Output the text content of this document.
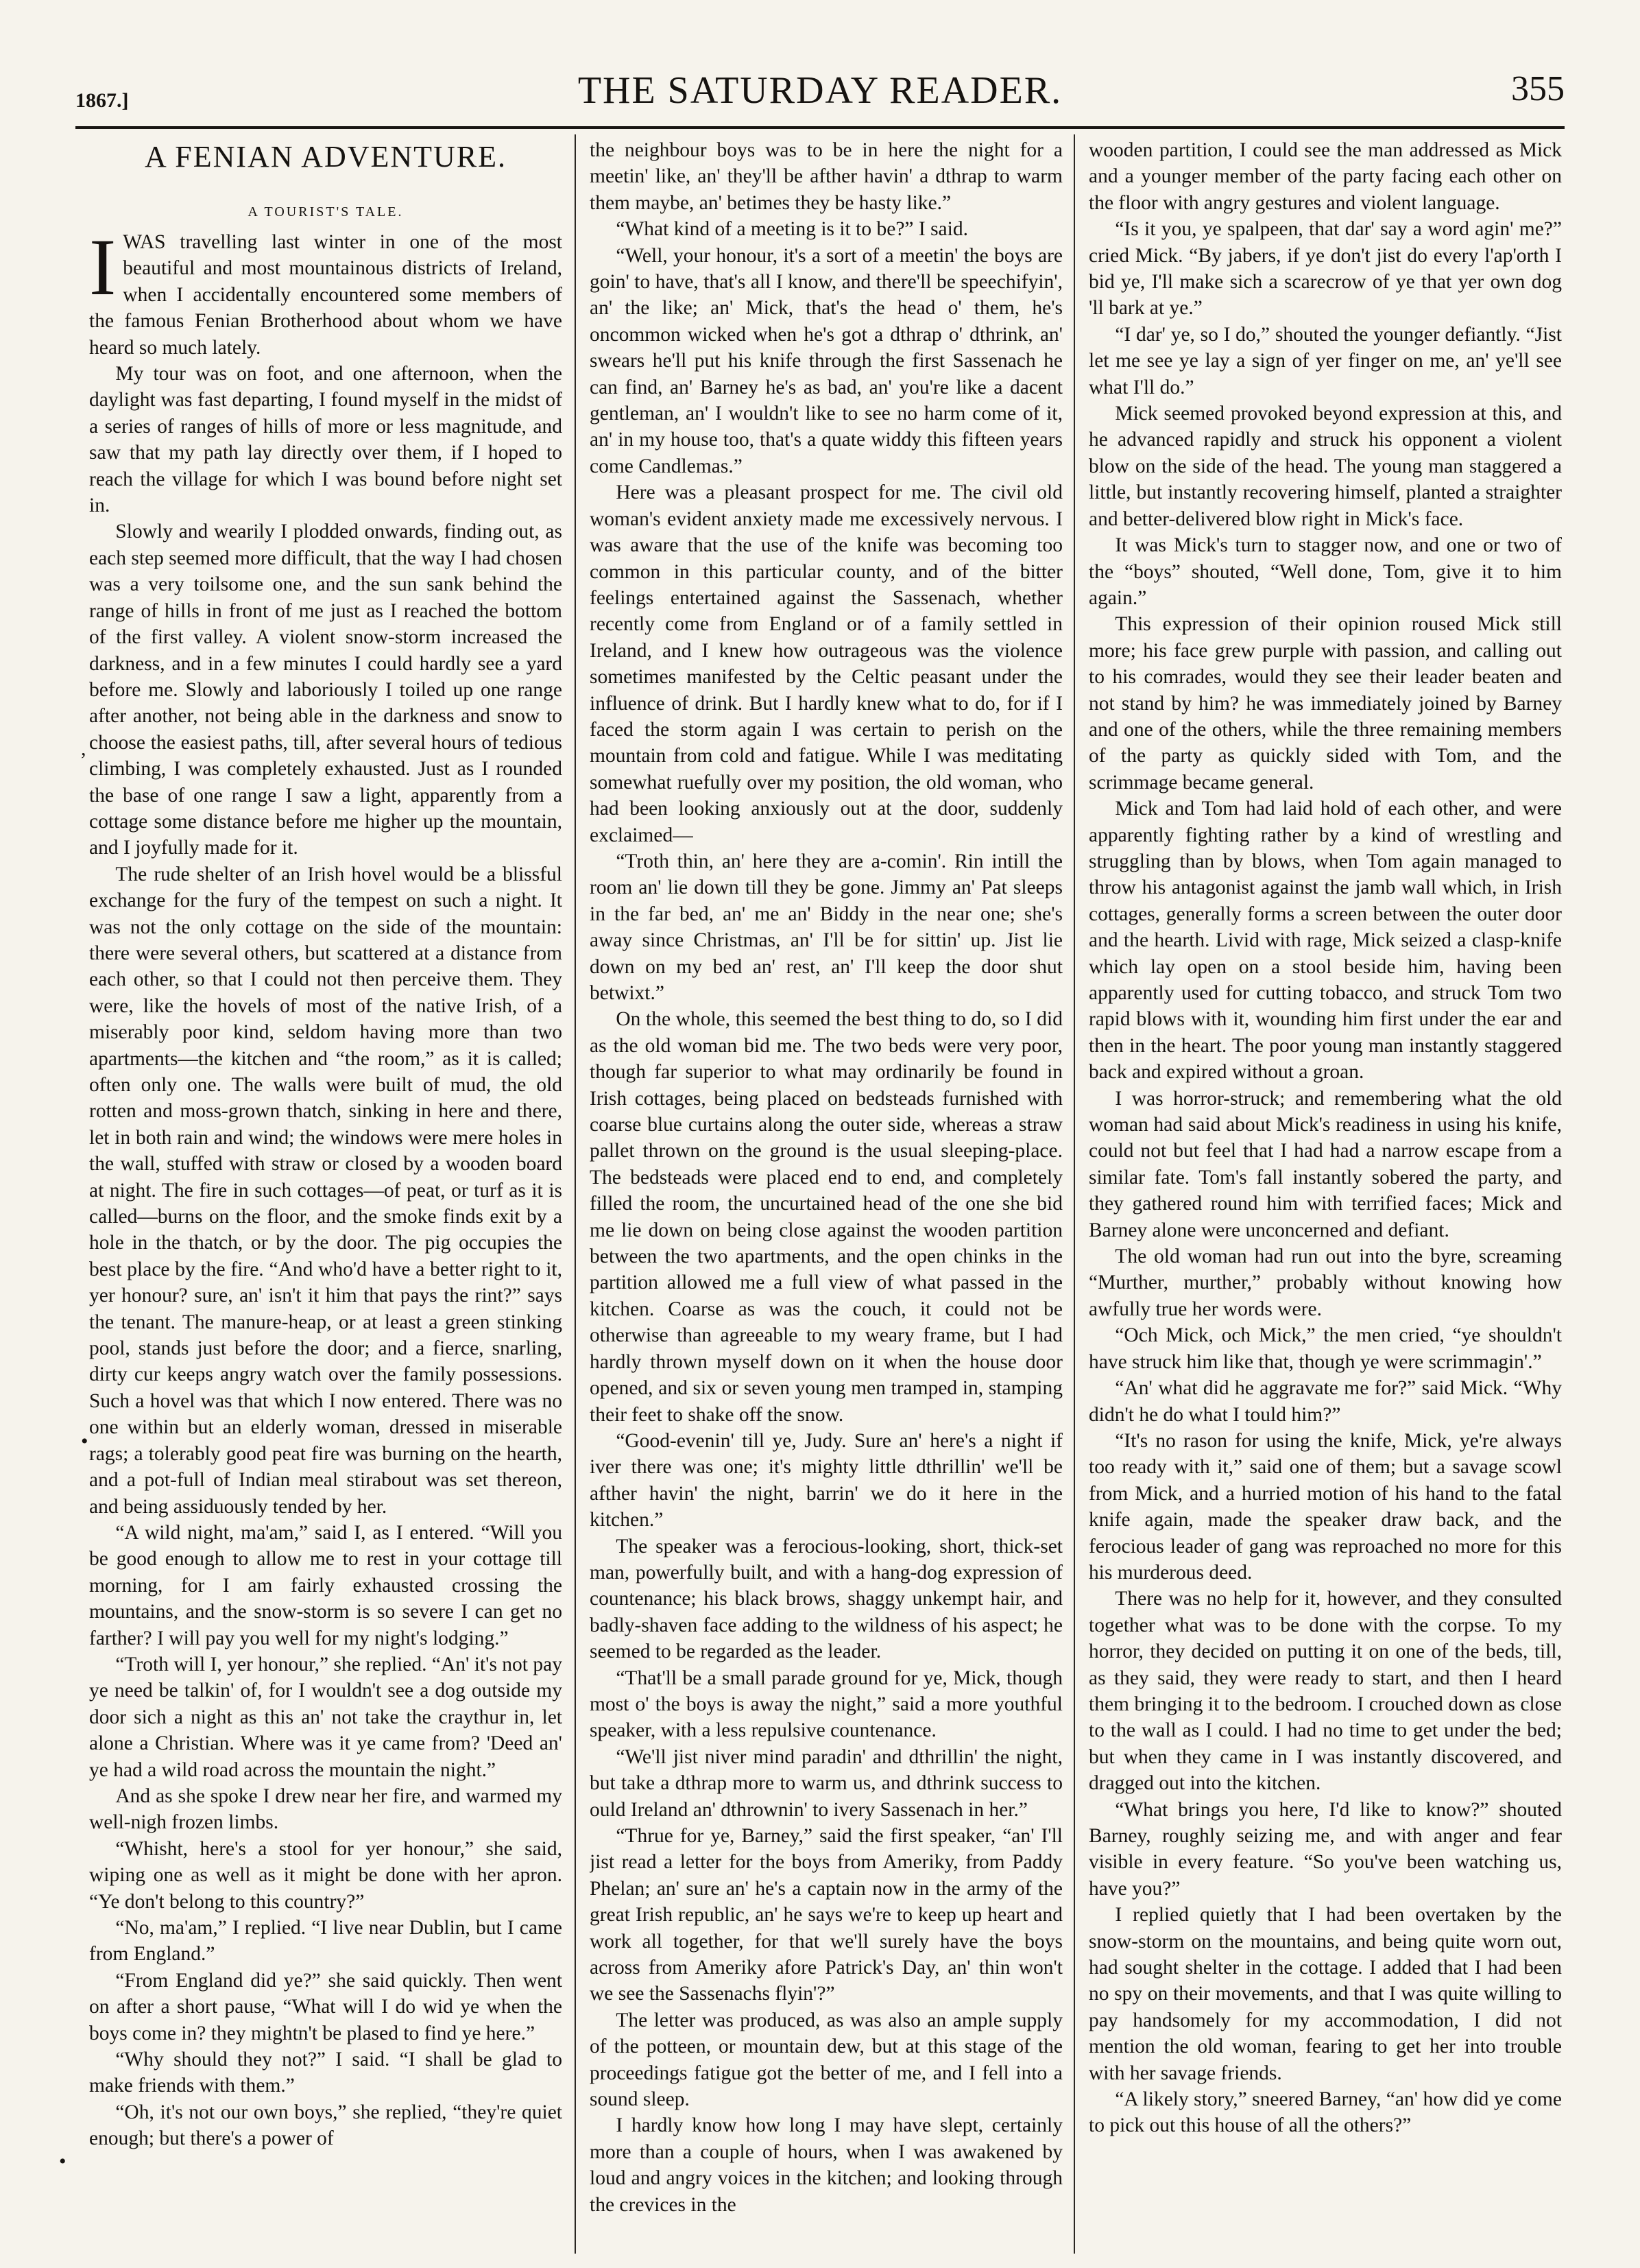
1867.]	THE SATURDAY READER.	355
A FENIAN ADVENTURE.
A TOURIST'S TALE.

IWAS travelling last winter in one of the most beautiful and most mountainous districts of Ireland, when I accidentally encountered some members of the famous Fenian Brotherhood about whom we have heard so much lately.

My tour was on foot, and one afternoon, when the daylight was fast departing, I found myself in the midst of a series of ranges of hills of more or less magnitude, and saw that my path lay directly over them, if I hoped to reach the village for which I was bound before night set in.

Slowly and wearily I plodded onwards, finding out, as each step seemed more difficult, that the way I had chosen was a very toilsome one, and the sun sank behind the range of hills in front of me just as I reached the bottom of the first valley. A violent snow-storm increased the darkness, and in a few minutes I could hardly see a yard before me. Slowly and laboriously I toiled up one range after another, not being able in the darkness and snow to choose the easiest paths, till, after several hours of tedious climbing, I was completely exhausted. Just as I rounded the base of one range I saw a light, apparently from a cottage some distance before me higher up the mountain, and I joyfully made for it.

The rude shelter of an Irish hovel would be a blissful exchange for the fury of the tempest on such a night. It was not the only cottage on the side of the mountain: there were several others, but scattered at a distance from each other, so that I could not then perceive them. They were, like the hovels of most of the native Irish, of a miserably poor kind, seldom having more than two apartments—the kitchen and “the room,” as it is called; often only one. The walls were built of mud, the old rotten and moss-grown thatch, sinking in here and there, let in both rain and wind; the windows were mere holes in the wall, stuffed with straw or closed by a wooden board at night. The fire in such cottages—of peat, or turf as it is called—burns on the floor, and the smoke finds exit by a hole in the thatch, or by the door. The pig occupies the best place by the fire. “And who'd have a better right to it, yer honour? sure, an' isn't it him that pays the rint?” says the tenant. The manure-heap, or at least a green stinking pool, stands just before the door; and a fierce, snarling, dirty cur keeps angry watch over the family possessions. Such a hovel was that which I now entered. There was no one within but an elderly woman, dressed in miserable rags; a tolerably good peat fire was burning on the hearth, and a pot-full of Indian meal stirabout was set thereon, and being assiduously tended by her.

“A wild night, ma'am,” said I, as I entered. “Will you be good enough to allow me to rest in your cottage till morning, for I am fairly exhausted crossing the mountains, and the snow-storm is so severe I can get no farther? I will pay you well for my night's lodging.”

“Troth will I, yer honour,” she replied. “An' it's not pay ye need be talkin' of, for I wouldn't see a dog outside my door sich a night as this an' not take the craythur in, let alone a Christian. Where was it ye came from? 'Deed an' ye had a wild road across the mountain the night.”

And as she spoke I drew near her fire, and warmed my well-nigh frozen limbs.

“Whisht, here's a stool for yer honour,” she said, wiping one as well as it might be done with her apron. “Ye don't belong to this country?”

“No, ma'am,” I replied. “I live near Dublin, but I came from England.”

“From England did ye?” she said quickly. Then went on after a short pause, “What will I do wid ye when the boys come in? they mightn't be plased to find ye here.”

“Why should they not?” I said. “I shall be glad to make friends with them.”

“Oh, it's not our own boys,” she replied, “they're quiet enough; but there's a power of

the neighbour boys was to be in here the night for a meetin' like, an' they'll be afther havin' a dthrap to warm them maybe, an' betimes they be hasty like.”

“What kind of a meeting is it to be?” I said.

“Well, your honour, it's a sort of a meetin' the boys are goin' to have, that's all I know, and there'll be speechifyin', an' the like; an' Mick, that's the head o' them, he's oncommon wicked when he's got a dthrap o' dthrink, an' swears he'll put his knife through the first Sassenach he can find, an' Barney he's as bad, an' you're like a dacent gentleman, an' I wouldn't like to see no harm come of it, an' in my house too, that's a quate widdy this fifteen years come Candlemas.”

Here was a pleasant prospect for me. The civil old woman's evident anxiety made me excessively nervous. I was aware that the use of the knife was becoming too common in this particular county, and of the bitter feelings entertained against the Sassenach, whether recently come from England or of a family settled in Ireland, and I knew how outrageous was the violence sometimes manifested by the Celtic peasant under the influence of drink. But I hardly knew what to do, for if I faced the storm again I was certain to perish on the mountain from cold and fatigue. While I was meditating somewhat ruefully over my position, the old woman, who had been looking anxiously out at the door, suddenly exclaimed—

“Troth thin, an' here they are a-comin'. Rin intill the room an' lie down till they be gone. Jimmy an' Pat sleeps in the far bed, an' me an' Biddy in the near one; she's away since Christmas, an' I'll be for sittin' up. Jist lie down on my bed an' rest, an' I'll keep the door shut betwixt.”

On the whole, this seemed the best thing to do, so I did as the old woman bid me. The two beds were very poor, though far superior to what may ordinarily be found in Irish cottages, being placed on bedsteads furnished with coarse blue curtains along the outer side, whereas a straw pallet thrown on the ground is the usual sleeping-place. The bedsteads were placed end to end, and completely filled the room, the uncurtained head of the one she bid me lie down on being close against the wooden partition between the two apartments, and the open chinks in the partition allowed me a full view of what passed in the kitchen. Coarse as was the couch, it could not be otherwise than agreeable to my weary frame, but I had hardly thrown myself down on it when the house door opened, and six or seven young men tramped in, stamping their feet to shake off the snow.

“Good-evenin' till ye, Judy. Sure an' here's a night if iver there was one; it's mighty little dthrillin' we'll be afther havin' the night, barrin' we do it here in the kitchen.”

The speaker was a ferocious-looking, short, thick-set man, powerfully built, and with a hang-dog expression of countenance; his black brows, shaggy unkempt hair, and badly-shaven face adding to the wildness of his aspect; he seemed to be regarded as the leader.

“That'll be a small parade ground for ye, Mick, though most o' the boys is away the night,” said a more youthful speaker, with a less repulsive countenance.

“We'll jist niver mind paradin' and dthrillin' the night, but take a dthrap more to warm us, and dthrink success to ould Ireland an' dthrownin' to ivery Sassenach in her.”

“Thrue for ye, Barney,” said the first speaker, “an' I'll jist read a letter for the boys from Ameriky, from Paddy Phelan; an' sure an' he's a captain now in the army of the great Irish republic, an' he says we're to keep up heart and work all together, for that we'll surely have the boys across from Ameriky afore Patrick's Day, an' thin won't we see the Sassenachs flyin'?”

The letter was produced, as was also an ample supply of the potteen, or mountain dew, but at this stage of the proceedings fatigue got the better of me, and I fell into a sound sleep.

I hardly know how long I may have slept, certainly more than a couple of hours, when I was awakened by loud and angry voices in the kitchen; and looking through the crevices in the

wooden partition, I could see the man addressed as Mick and a younger member of the party facing each other on the floor with angry gestures and violent language.

“Is it you, ye spalpeen, that dar' say a word agin' me?” cried Mick. “By jabers, if ye don't jist do every l'ap'orth I bid ye, I'll make sich a scarecrow of ye that yer own dog 'll bark at ye.”

“I dar' ye, so I do,” shouted the younger defiantly. “Jist let me see ye lay a sign of yer finger on me, an' ye'll see what I'll do.”

Mick seemed provoked beyond expression at this, and he advanced rapidly and struck his opponent a violent blow on the side of the head. The young man staggered a little, but instantly recovering himself, planted a straighter and better-delivered blow right in Mick's face.

It was Mick's turn to stagger now, and one or two of the “boys” shouted, “Well done, Tom, give it to him again.”

This expression of their opinion roused Mick still more; his face grew purple with passion, and calling out to his comrades, would they see their leader beaten and not stand by him? he was immediately joined by Barney and one of the others, while the three remaining members of the party as quickly sided with Tom, and the scrimmage became general.

Mick and Tom had laid hold of each other, and were apparently fighting rather by a kind of wrestling and struggling than by blows, when Tom again managed to throw his antagonist against the jamb wall which, in Irish cottages, generally forms a screen between the outer door and the hearth. Livid with rage, Mick seized a clasp-knife which lay open on a stool beside him, having been apparently used for cutting tobacco, and struck Tom two rapid blows with it, wounding him first under the ear and then in the heart. The poor young man instantly staggered back and expired without a groan.

I was horror-struck; and remembering what the old woman had said about Mick's readiness in using his knife, could not but feel that I had had a narrow escape from a similar fate. Tom's fall instantly sobered the party, and they gathered round him with terrified faces; Mick and Barney alone were unconcerned and defiant.

The old woman had run out into the byre, screaming “Murther, murther,” probably without knowing how awfully true her words were.

“Och Mick, och Mick,” the men cried, “ye shouldn't have struck him like that, though ye were scrimmagin'.”

“An' what did he aggravate me for?” said Mick. “Why didn't he do what I tould him?”

“It's no rason for using the knife, Mick, ye're always too ready with it,” said one of them; but a savage scowl from Mick, and a hurried motion of his hand to the fatal knife again, made the speaker draw back, and the ferocious leader of gang was reproached no more for this his murderous deed.

There was no help for it, however, and they consulted together what was to be done with the corpse. To my horror, they decided on putting it on one of the beds, till, as they said, they were ready to start, and then I heard them bringing it to the bedroom. I crouched down as close to the wall as I could. I had no time to get under the bed; but when they came in I was instantly discovered, and dragged out into the kitchen.

“What brings you here, I'd like to know?” shouted Barney, roughly seizing me, and with anger and fear visible in every feature. “So you've been watching us, have you?”

I replied quietly that I had been overtaken by the snow-storm on the mountains, and being quite worn out, had sought shelter in the cottage. I added that I had been no spy on their movements, and that I was quite willing to pay handsomely for my accommodation, I did not mention the old woman, fearing to get her into trouble with her savage friends.

“A likely story,” sneered Barney, “an' how did ye come to pick out this house of all the others?”

,
•
•
